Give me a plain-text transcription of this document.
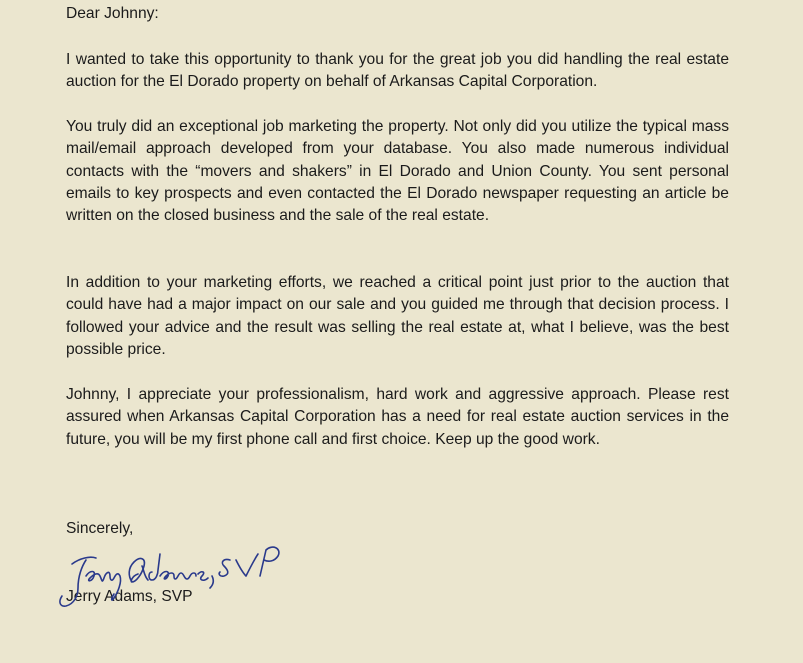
Dear Johnny:

I wanted to take this opportunity to thank you for the great job you did handling the real estate auction for the El Dorado property on behalf of Arkansas Capital Corporation.

You truly did an exceptional job marketing the property. Not only did you utilize the typical mass mail/email approach developed from your database. You also made numerous individual contacts with the “movers and shakers” in El Dorado and Union County. You sent personal emails to key prospects and even contacted the El Dorado newspaper requesting an article be written on the closed business and the sale of the real estate.

In addition to your marketing efforts, we reached a critical point just prior to the auction that could have had a major impact on our sale and you guided me through that decision process. I followed your advice and the result was selling the real estate at, what I believe, was the best possible price.

Johnny, I appreciate your professionalism, hard work and aggressive approach. Please rest assured when Arkansas Capital Corporation has a need for real estate auction services in the future, you will be my first phone call and first choice. Keep up the good work.

Sincerely,
Jerry Adams, SVP
